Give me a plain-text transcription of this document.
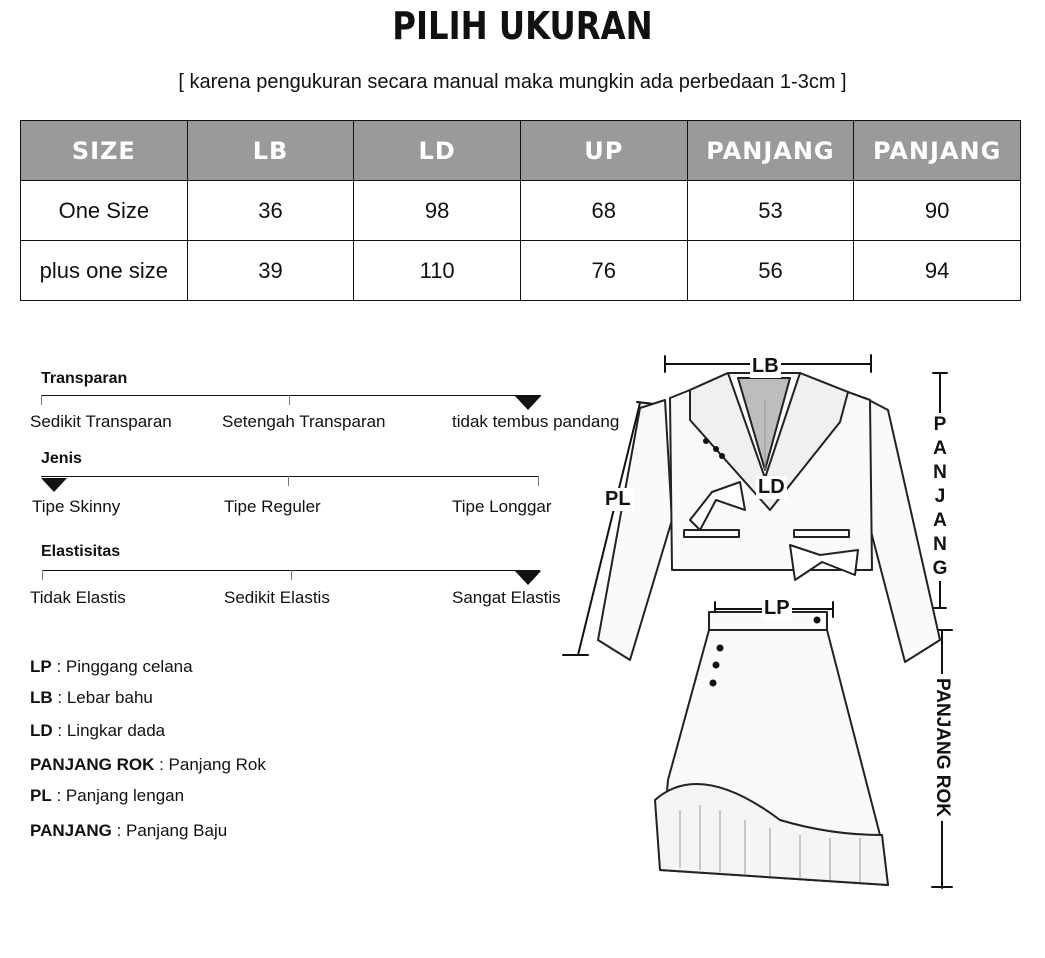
PILIH UKURAN
[ karena pengukuran secara manual maka mungkin ada perbedaan 1-3cm ]
SIZE	LB	LD	UP	PANJANG	PANJANG
One Size	36	98	68	53	90
plus one size	39	110	76	56	94
Transparan
Sedikit Transparan	Setengah Transparan	tidak tembus pandang
Jenis
Tipe Skinny	Tipe Reguler	Tipe Longgar
Elastisitas
Tidak Elastis	Sedikit Elastis	Sangat Elastis
LP : Pinggang celana
LB : Lebar bahu
LD : Lingkar dada
PANJANG ROK : Panjang Rok
PL : Panjang lengan
PANJANG : Panjang Baju
LB
LD
PL
LP
P
A
N
J
A
N
G
PANJANG ROK
